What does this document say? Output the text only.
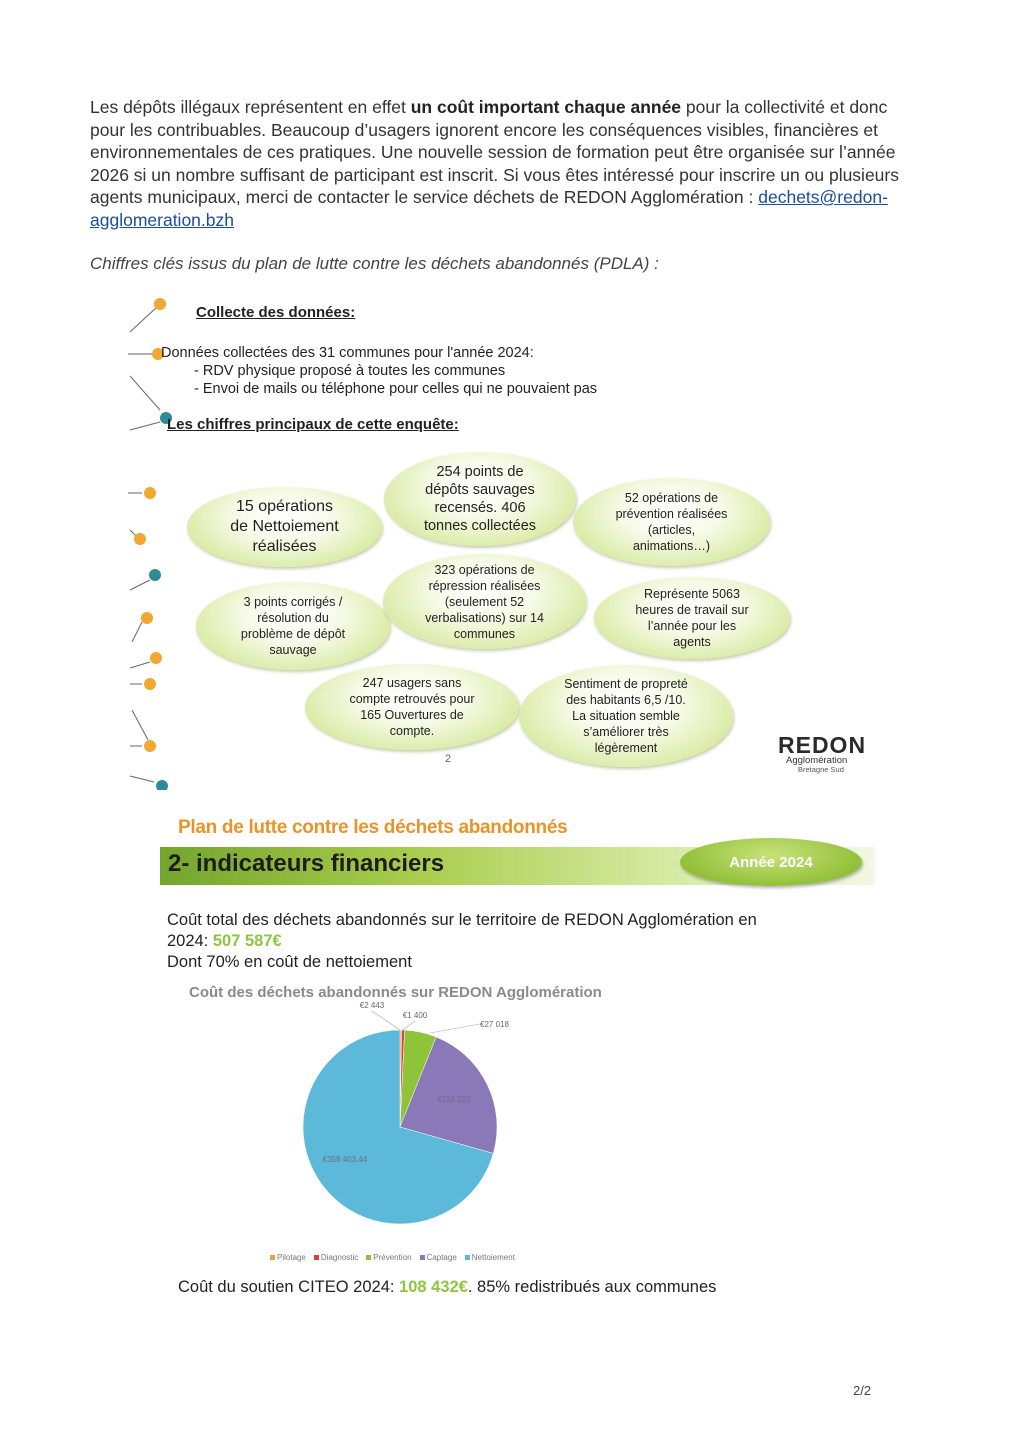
Les dépôts illégaux représentent en effet un coût important chaque année pour la collectivité et donc pour les contribuables. Beaucoup d’usagers ignorent encore les conséquences visibles, financières et environnementales de ces pratiques. Une nouvelle session de formation peut être organisée sur l’année 2026 si un nombre suffisant de participant est inscrit. Si vous êtes intéressé pour inscrire un ou plusieurs agents municipaux, merci de contacter le service déchets de REDON Agglomération : dechets@redon-agglomeration.bzh
Chiffres clés issus du plan de lutte contre les déchets abandonnés (PDLA) :
Collecte des données:
Données collectées des 31 communes pour l'année 2024:
- RDV physique proposé à toutes les communes
- Envoi de mails ou téléphone pour celles qui ne pouvaient pas
Les chiffres principaux de cette enquête:
15 opérations
de Nettoiement
réalisées
254 points de
dépôts sauvages
recensés. 406
tonnes collectées
52 opérations de
prévention réalisées
(articles,
animations…)
3 points corrigés /
résolution du
problème de dépôt
sauvage
323 opérations de
répression réalisées
(seulement 52
verbalisations) sur 14
communes
Représente 5063
heures de travail sur
l’année pour les
agents
247 usagers sans
compte retrouvés pour
165 Ouvertures de
compte.
Sentiment de propreté
des habitants 6,5 /10.
La situation semble
s’améliorer très
légèrement
2
REDON
Agglomération
Bretagne Sud
Plan de lutte contre les déchets abandonnés
2- indicateurs financiers	Année 2024
Coût total des déchets abandonnés sur le territoire de REDON Agglomération en
2024: 507 587€
Dont 70% en coût de nettoiement
Coût des déchets abandonnés sur REDON Agglomération
€1 400
€2 443
€27 018
€118 323
€358 403,44
Pilotage	Diagnostic	Prévention	Captage	Nettoiement
Coût du soutien CITEO 2024: 108 432€. 85% redistribués aux communes
2/2
